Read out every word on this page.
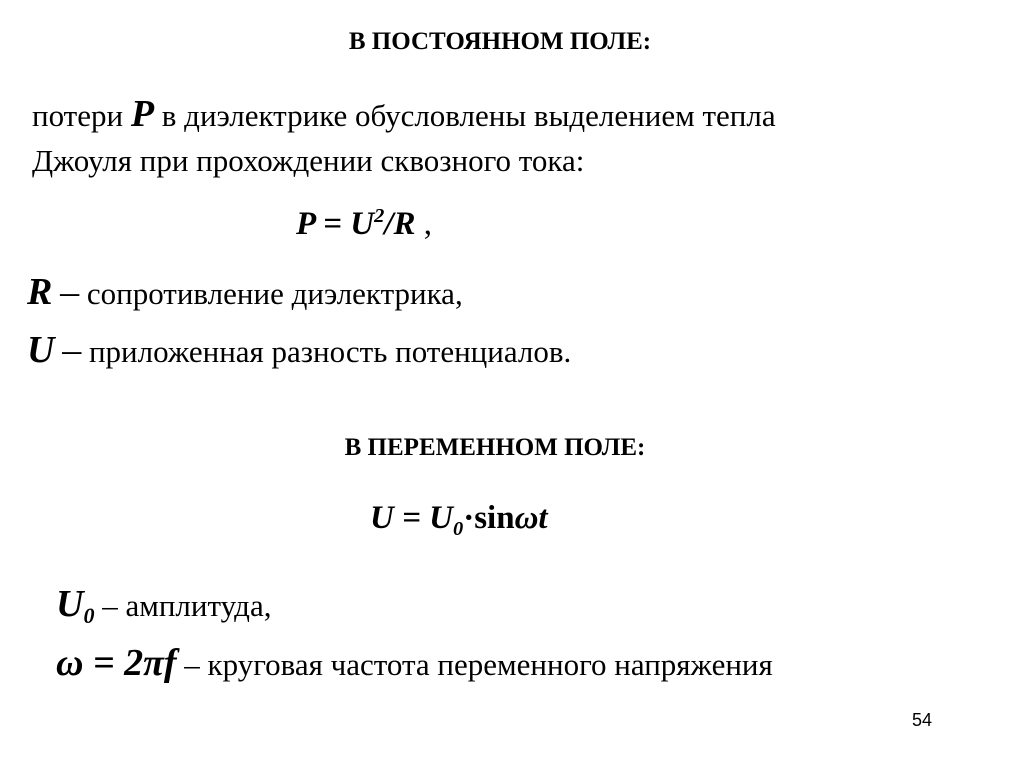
В ПОСТОЯННОМ ПОЛЕ:
потери P в диэлектрике обусловлены выделением тепла
Джоуля при прохождении сквозного тока:
$P = U^2/R$ ,
R – сопротивление диэлектрика,
U – приложенная разность потенциалов.
В ПЕРЕМЕННОМ ПОЛЕ:
$U = U_0\cdot\sin\omega t$
$U_0$ – амплитуда,
ω = 2πf – круговая частота переменного напряжения
54
